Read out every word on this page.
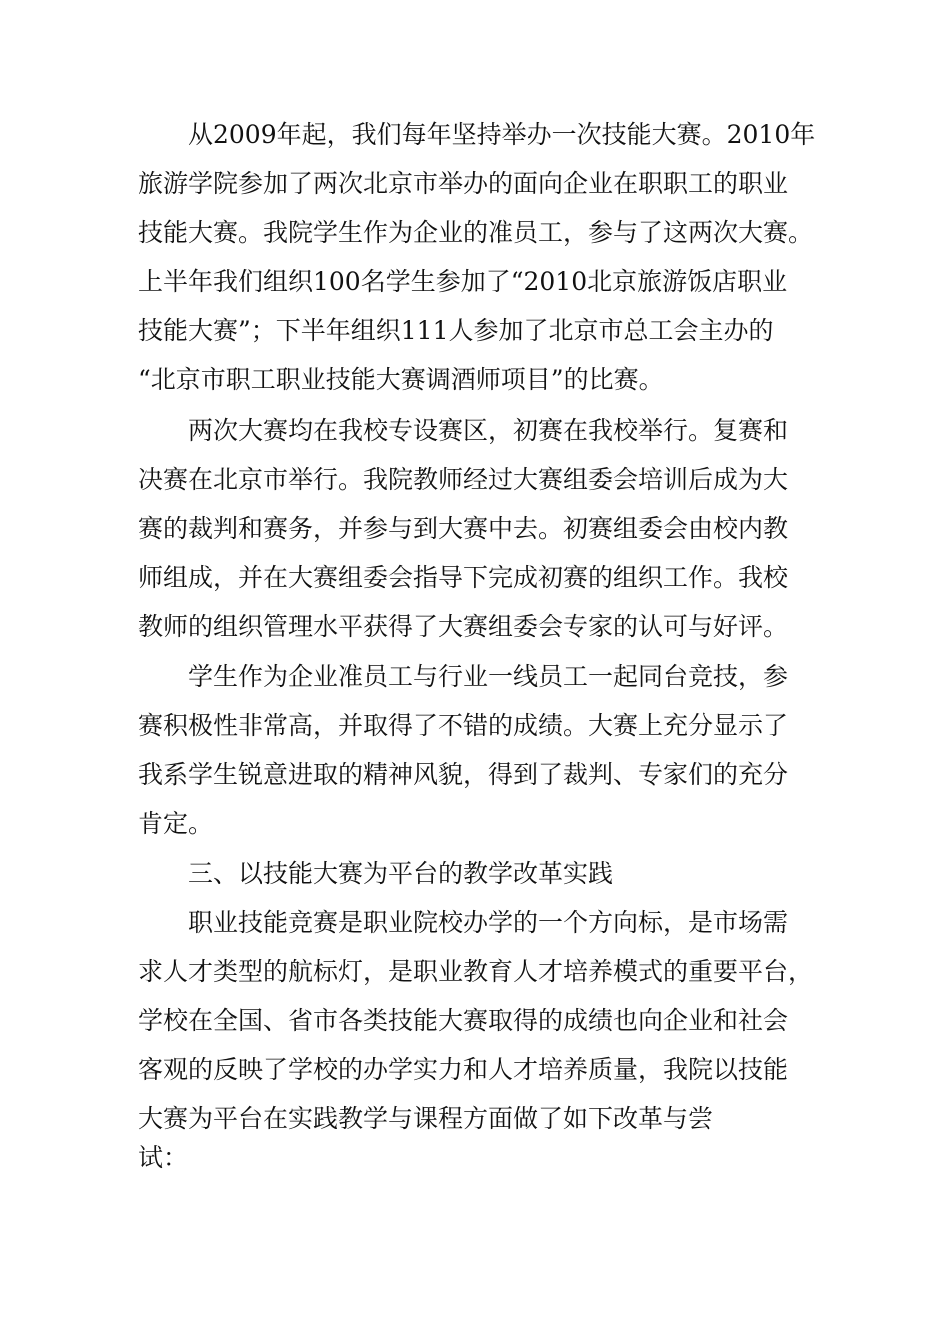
从2009年起，我们每年坚持举办一次技能大赛。2010年
旅游学院参加了两次北京市举办的面向企业在职职工的职业
技能大赛。我院学生作为企业的准员工，参与了这两次大赛。
上半年我们组织100名学生参加了“2010北京旅游饭店职业
技能大赛”；下半年组织111人参加了北京市总工会主办的
“北京市职工职业技能大赛调酒师项目”的比赛。
两次大赛均在我校专设赛区，初赛在我校举行。复赛和
决赛在北京市举行。我院教师经过大赛组委会培训后成为大
赛的裁判和赛务，并参与到大赛中去。初赛组委会由校内教
师组成，并在大赛组委会指导下完成初赛的组织工作。我校
教师的组织管理水平获得了大赛组委会专家的认可与好评。
学生作为企业准员工与行业一线员工一起同台竞技，参
赛积极性非常高，并取得了不错的成绩。大赛上充分显示了
我系学生锐意进取的精神风貌，得到了裁判、专家们的充分
肯定。
三、以技能大赛为平台的教学改革实践
职业技能竞赛是职业院校办学的一个方向标，是市场需
求人才类型的航标灯，是职业教育人才培养模式的重要平台，
学校在全国、省市各类技能大赛取得的成绩也向企业和社会
客观的反映了学校的办学实力和人才培养质量，我院以技能
大赛为平台在实践教学与课程方面做了如下改革与尝
试：
